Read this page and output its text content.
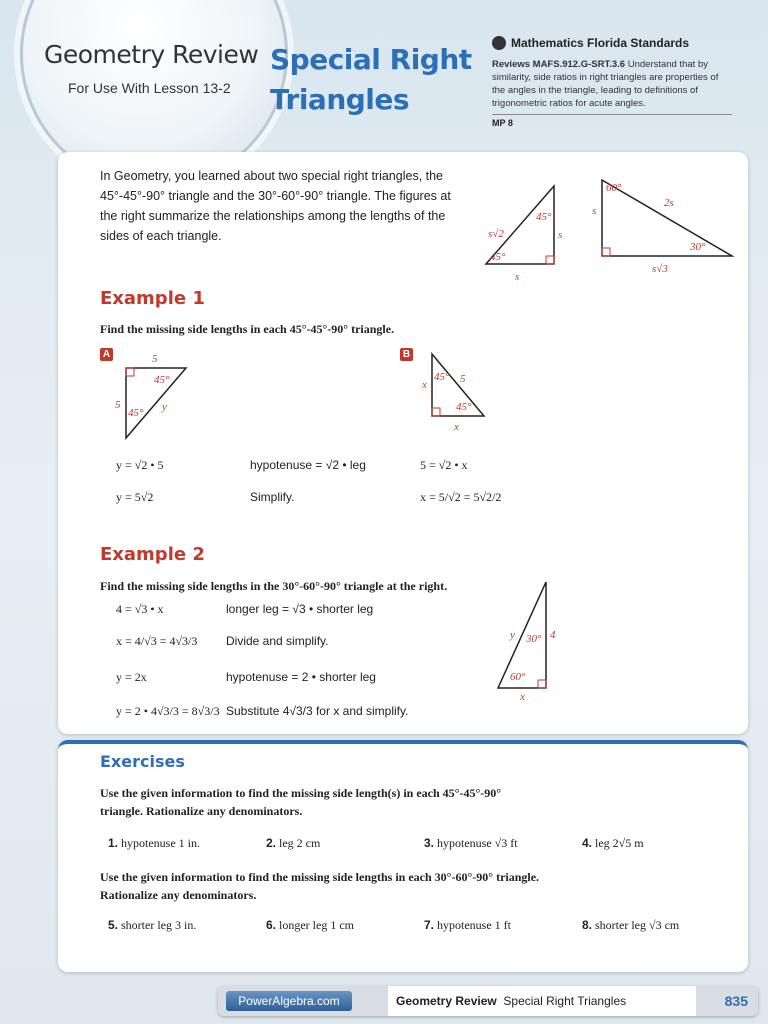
Geometry Review
For Use With Lesson 13-2
Special Right
Triangles
Mathematics Florida Standards
Reviews MAFS.912.G-SRT.3.6 Understand that by similarity, side ratios in right triangles are properties of the angles in the triangle, leading to definitions of trigonometric ratios for acute angles.
MP 8
In Geometry, you learned about two special right triangles, the 45°-45°-90° triangle and the 30°-60°-90° triangle. The figures at the right summarize the relationships among the lengths of the sides of each triangle.
45°
45°
s√2	s
s
60°
30°
2s
s
s√3
Example 1
Find the missing side lengths in each 45°-45°-90° triangle.
A	5
5
45°
45° y
B
x	5
x
45°
45°
y = √2 • 5	hypotenuse = √2 • leg	5 = √2 • x
y = 5√2	Simplify.	x = 5/√2 = 5√2/2
Example 2
Find the missing side lengths in the 30°-60°-90° triangle at the right.
y 30° 4
60°
x
4 = √3 • x	longer leg = √3 • shorter leg
x = 4/√3 = 4√3/3 Divide and simplify.
y = 2x	hypotenuse = 2 • shorter leg
y = 2 • 4√3/3 = 8√3/3 Substitute 4√3/3 for x and simplify.
Exercises
Use the given information to find the missing side length(s) in each 45°-45°-90° triangle. Rationalize any denominators.
1. hypotenuse 1 in.	2. leg 2 cm	3. hypotenuse √3 ft	4. leg 2√5 m
Use the given information to find the missing side lengths in each 30°-60°-90° triangle. Rationalize any denominators.
5. shorter leg 3 in.	6. longer leg 1 cm	7. hypotenuse 1 ft	8. shorter leg √3 cm
PowerAlgebra.com	Geometry Review Special Right Triangles	835
